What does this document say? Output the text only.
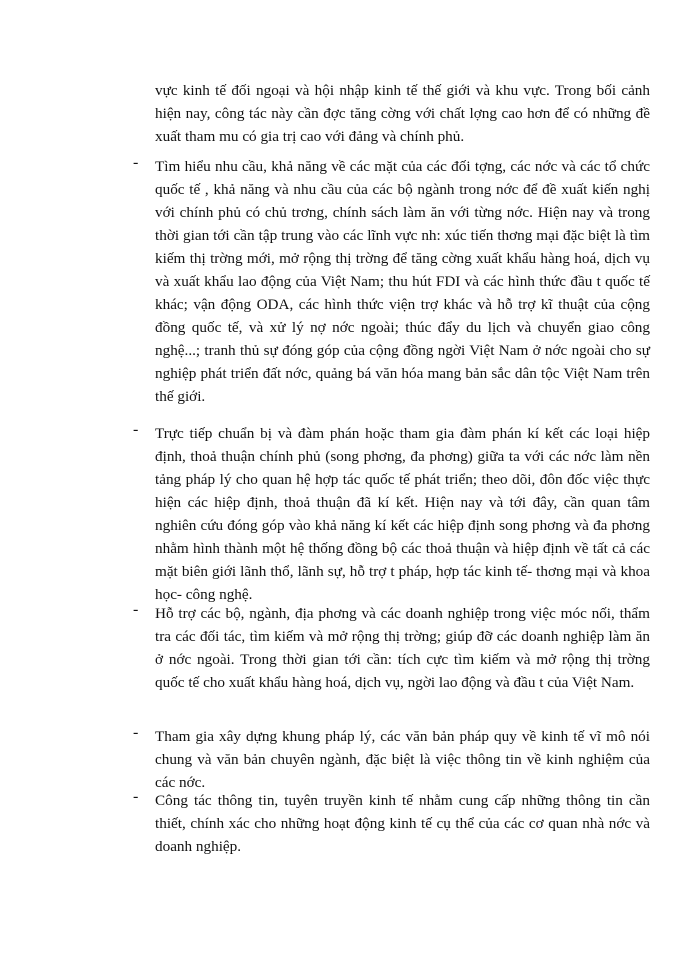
vực kinh tế đối ngoại và hội nhập kinh tế thế giới và khu vực. Trong bối cảnh hiện nay, công tác này cần đợc tăng cờng với chất lợng cao hơn để có những đề xuất tham mu có gia trị cao với đảng và chính phủ.

- Tìm hiểu nhu cầu, khả năng về các mặt của các đối tợng, các nớc và các tổ chức quốc tế , khả năng và nhu cầu của các bộ ngành trong nớc để đề xuất kiến nghị với chính phủ có chủ trơng, chính sách làm ăn với từng nớc. Hiện nay và trong thời gian tới cần tập trung vào các lĩnh vực nh: xúc tiến thơng mại đặc biệt là tìm kiếm thị trờng mới, mở rộng thị trờng để tăng cờng xuất khẩu hàng hoá, dịch vụ và xuất khẩu lao động của Việt Nam; thu hút FDI và các hình thức đầu t quốc tế khác; vận động ODA, các hình thức viện trợ khác và hỗ trợ kĩ thuật của cộng đồng quốc tế, và xử lý nợ nớc ngoài; thúc đẩy du lịch và chuyển giao công nghệ...; tranh thủ sự đóng góp của cộng đồng ngời Việt Nam ở nớc ngoài cho sự nghiệp phát triển đất nớc, quảng bá văn hóa mang bản sắc dân tộc Việt Nam trên thế giới.

- Trực tiếp chuẩn bị và đàm phán hoặc tham gia đàm phán kí kết các loại hiệp định, thoả thuận chính phủ (song phơng, đa phơng) giữa ta với các nớc làm nền tảng pháp lý cho quan hệ hợp tác quốc tế phát triển; theo dõi, đôn đốc việc thực hiện các hiệp định, thoả thuận đã kí kết. Hiện nay và tới đây, cần quan tâm nghiên cứu đóng góp vào khả năng kí kết các hiệp định song phơng và đa phơng nhằm hình thành một hệ thống đồng bộ các thoả thuận và hiệp định về tất cả các mặt biên giới lãnh thổ, lãnh sự, hỗ trợ t pháp, hợp tác kinh tế- thơng mại và khoa học- công nghệ.

- Hỗ trợ các bộ, ngành, địa phơng và các doanh nghiệp trong việc móc nối, thẩm tra các đối tác, tìm kiếm và mở rộng thị trờng; giúp đỡ các doanh nghiệp làm ăn ở nớc ngoài. Trong thời gian tới cần: tích cực tìm kiếm và mở rộng thị trờng quốc tế cho xuất khẩu hàng hoá, dịch vụ, ngời lao động và đầu t của Việt Nam.

- Tham gia xây dựng khung pháp lý, các văn bản pháp quy về kinh tế vĩ mô nói chung và văn bản chuyên ngành, đặc biệt là việc thông tin về kinh nghiệm của các nớc.

- Công tác thông tin, tuyên truyền kinh tế nhằm cung cấp những thông tin cần thiết, chính xác cho những hoạt động kinh tế cụ thể của các cơ quan nhà nớc và doanh nghiệp.
